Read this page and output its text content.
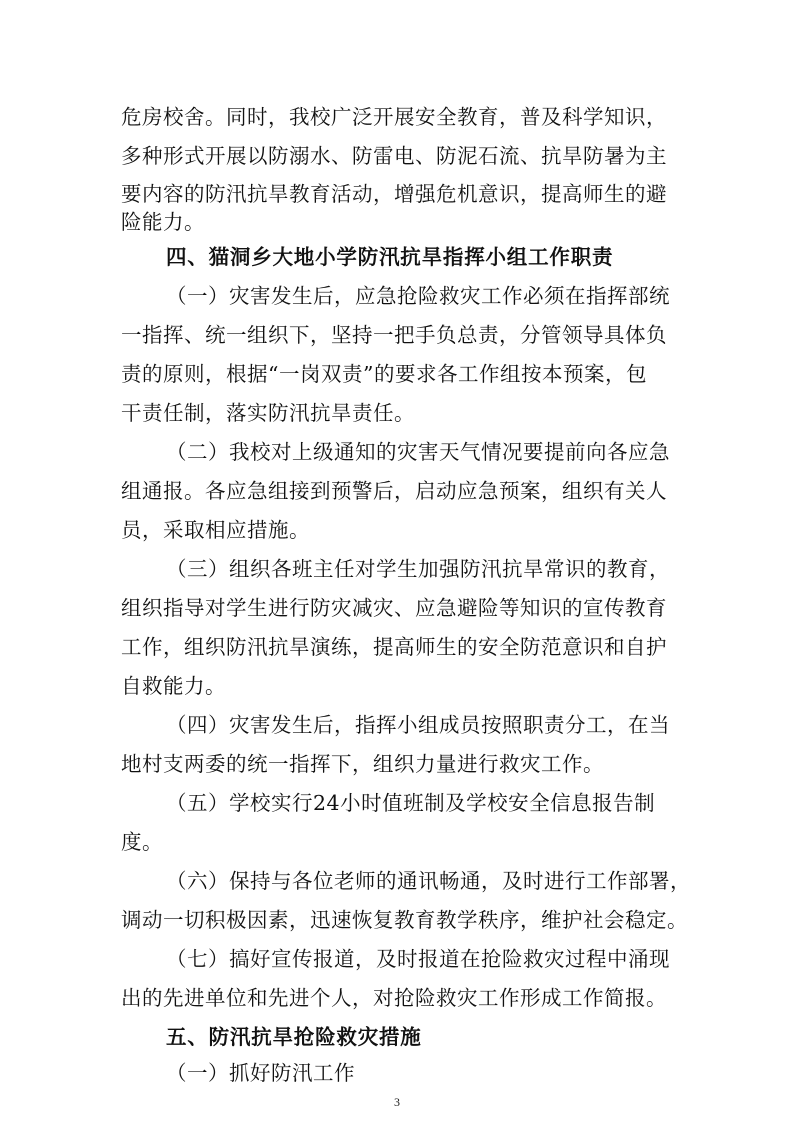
危房校舍。同时，我校广泛开展安全教育，普及科学知识，
多种形式开展以防溺水、防雷电、防泥石流、抗旱防暑为主
要内容的防汛抗旱教育活动，增强危机意识，提高师生的避
险能力。
四、猫洞乡大地小学防汛抗旱指挥小组工作职责
（一）灾害发生后，应急抢险救灾工作必须在指挥部统
一指挥、统一组织下，坚持一把手负总责，分管领导具体负
责的原则，根据“一岗双责”的要求各工作组按本预案，包
干责任制，落实防汛抗旱责任。
（二）我校对上级通知的灾害天气情况要提前向各应急
组通报。各应急组接到预警后，启动应急预案，组织有关人
员，采取相应措施。
（三）组织各班主任对学生加强防汛抗旱常识的教育，
组织指导对学生进行防灾减灾、应急避险等知识的宣传教育
工作，组织防汛抗旱演练，提高师生的安全防范意识和自护
自救能力。
（四）灾害发生后，指挥小组成员按照职责分工，在当
地村支两委的统一指挥下，组织力量进行救灾工作。
（五）学校实行24小时值班制及学校安全信息报告制
度。
（六）保持与各位老师的通讯畅通，及时进行工作部署，
调动一切积极因素，迅速恢复教育教学秩序，维护社会稳定。
（七）搞好宣传报道，及时报道在抢险救灾过程中涌现
出的先进单位和先进个人，对抢险救灾工作形成工作简报。
五、防汛抗旱抢险救灾措施
（一）抓好防汛工作
3
